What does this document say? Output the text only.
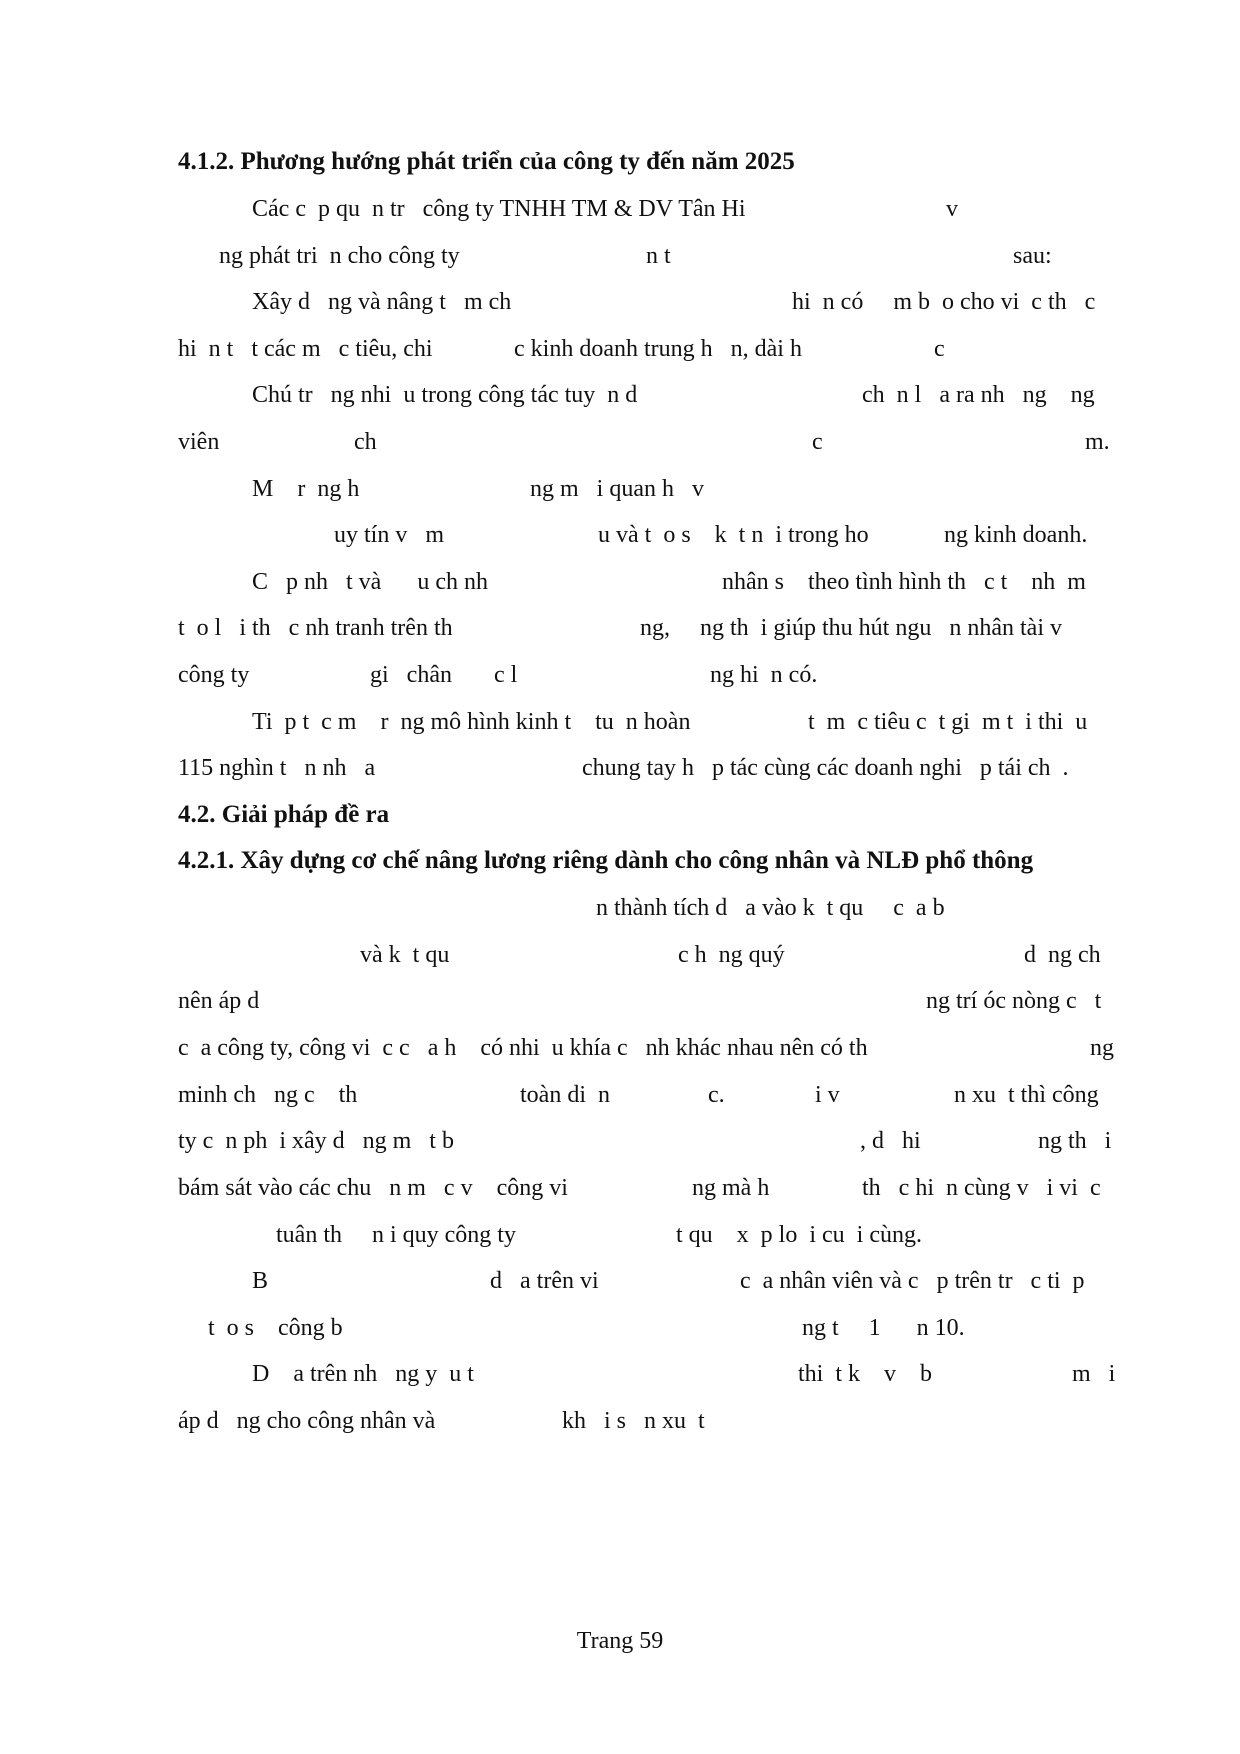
4.1.2. Phương hướng phát triển của công ty đến năm 2025
Các c  p qu  n tr   công ty TNHH TM & DV Tân Hi	v
ng phát tri  n cho công ty	n t			sau:
Xây d   ng và nâng t   m ch	hi  n có     m b  o cho vi  c th   c
hi  n t   t các m   c tiêu, chi	c kinh doanh trung h   n, dài h	c
Chú tr   ng nhi  u trong công tác tuy  n d	ch  n l   a ra nh   ng    ng
viên	ch	c	m.
M    r  ng h	ng m   i quan h   v
uy tín v   m	u và t  o s    k  t n  i trong ho	ng kinh doanh.
C   p nh   t và      u ch nh	nhân s    theo tình hình th   c t    nh  m
t  o l   i th   c nh tranh trên th	ng,     ng th  i giúp thu hút ngu   n nhân tài v
công ty	gi   chân       c l	ng hi  n có.
Ti  p t  c m    r  ng mô hình kinh t    tu  n hoàn	t  m  c tiêu c  t gi  m t  i thi  u
115 nghìn t   n nh   a		chung tay h   p tác cùng các doanh nghi   p tái ch  .
4.2. Giải pháp đề ra
4.2.1. Xây dựng cơ chế nâng lương riêng dành cho công nhân và NLĐ phổ thông
n thành tích d   a vào k  t qu     c  a b
và k  t qu	c h  ng quý	d  ng ch
nên áp d	ng trí óc nòng c   t
c  a công ty, công vi  c c   a h    có nhi  u khía c   nh khác nhau nên có th	ng
minh ch   ng c    th	toàn di  n	c.	i v	n xu  t thì công
ty c  n ph  i xây d   ng m   t b	, d   hi	ng th   i
bám sát vào các chu   n m   c v    công vi	ng mà h	th   c hi  n cùng v   i vi  c
tuân th     n i quy công ty	t qu    x  p lo  i cu  i cùng.
B	d   a trên vi	c  a nhân viên và c   p trên tr   c ti  p
t  o s    công b	ng t     1      n 10.
D    a trên nh   ng y  u t	thi  t k    v    b	m   i
áp d   ng cho công nhân và	kh   i s   n xu  t
Trang 59
